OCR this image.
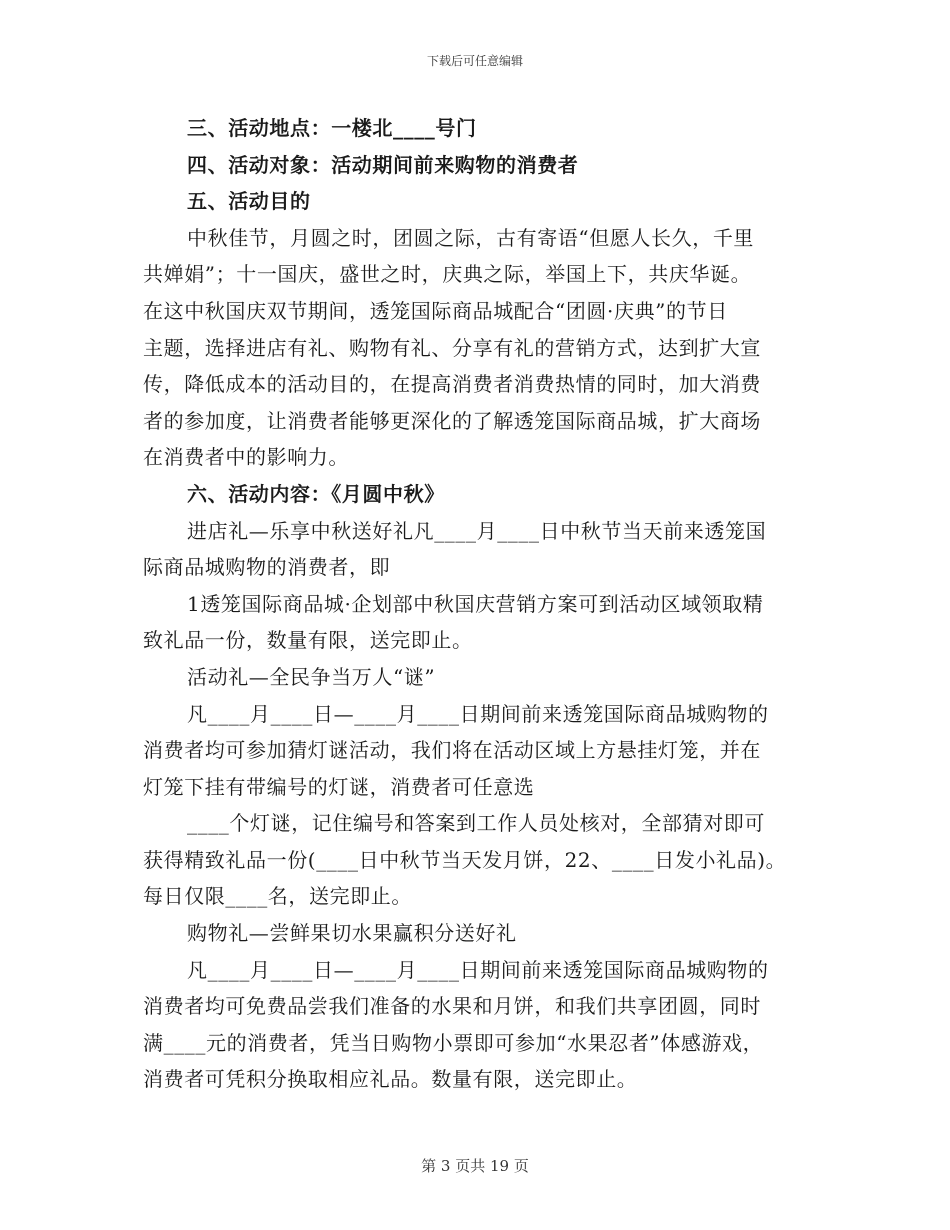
下载后可任意编辑
三、活动地点：一楼北____号门
四、活动对象：活动期间前来购物的消费者
五、活动目的
中秋佳节，月圆之时，团圆之际，古有寄语“但愿人长久，千里
共婵娟”；十一国庆，盛世之时，庆典之际，举国上下，共庆华诞。
在这中秋国庆双节期间，透笼国际商品城配合“团圆·庆典”的节日
主题，选择进店有礼、购物有礼、分享有礼的营销方式，达到扩大宣
传，降低成本的活动目的，在提高消费者消费热情的同时，加大消费
者的参加度，让消费者能够更深化的了解透笼国际商品城，扩大商场
在消费者中的影响力。
六、活动内容：《月圆中秋》
进店礼—乐享中秋送好礼凡____月____日中秋节当天前来透笼国
际商品城购物的消费者，即
1透笼国际商品城·企划部中秋国庆营销方案可到活动区域领取精
致礼品一份，数量有限，送完即止。
活动礼—全民争当万人“谜”
凡____月____日—____月____日期间前来透笼国际商品城购物的
消费者均可参加猜灯谜活动，我们将在活动区域上方悬挂灯笼，并在
灯笼下挂有带编号的灯谜，消费者可任意选
____个灯谜，记住编号和答案到工作人员处核对，全部猜对即可
获得精致礼品一份(____日中秋节当天发月饼，22、____日发小礼品)。
每日仅限____名，送完即止。
购物礼—尝鲜果切水果赢积分送好礼
凡____月____日—____月____日期间前来透笼国际商品城购物的
消费者均可免费品尝我们准备的水果和月饼，和我们共享团圆，同时
满____元的消费者，凭当日购物小票即可参加“水果忍者”体感游戏，
消费者可凭积分换取相应礼品。数量有限，送完即止。
第 3 页共 19 页
